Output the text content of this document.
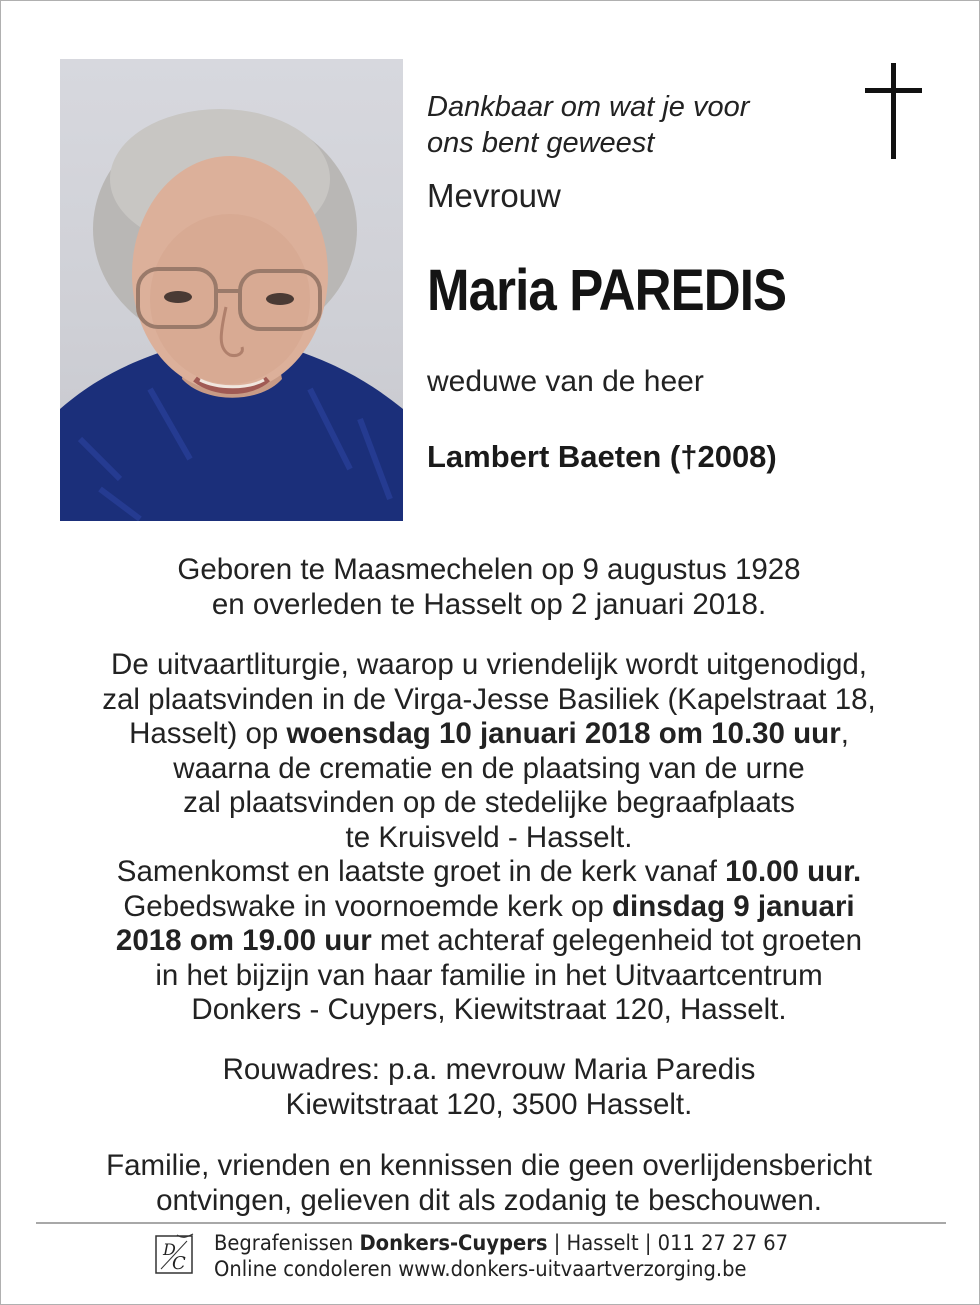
Dankbaar om wat je voor
ons bent geweest
Mevrouw
Maria PAREDIS
weduwe van de heer
Lambert Baeten (†2008)
Geboren te Maasmechelen op 9 augustus 1928
en overleden te Hasselt op 2 januari 2018.
De uitvaartliturgie, waarop u vriendelijk wordt uitgenodigd,
zal plaatsvinden in de Virga-Jesse Basiliek (Kapelstraat 18,
Hasselt) op woensdag 10 januari 2018 om 10.30 uur,
waarna de crematie en de plaatsing van de urne
zal plaatsvinden op de stedelijke begraafplaats
te Kruisveld - Hasselt.
Samenkomst en laatste groet in de kerk vanaf 10.00 uur.
Gebedswake in voornoemde kerk op dinsdag 9 januari
2018 om 19.00 uur met achteraf gelegenheid tot groeten
in het bijzijn van haar familie in het Uitvaartcentrum
Donkers - Cuypers, Kiewitstraat 120, Hasselt.
Rouwadres: p.a. mevrouw Maria Paredis
Kiewitstraat 120, 3500 Hasselt.
Familie, vrienden en kennissen die geen overlijdensbericht
ontvingen, gelieven dit als zodanig te beschouwen.
D
C
Begrafenissen Donkers-Cuypers | Hasselt | 011 27 27 67
Online condoleren www.donkers-uitvaartverzorging.be
